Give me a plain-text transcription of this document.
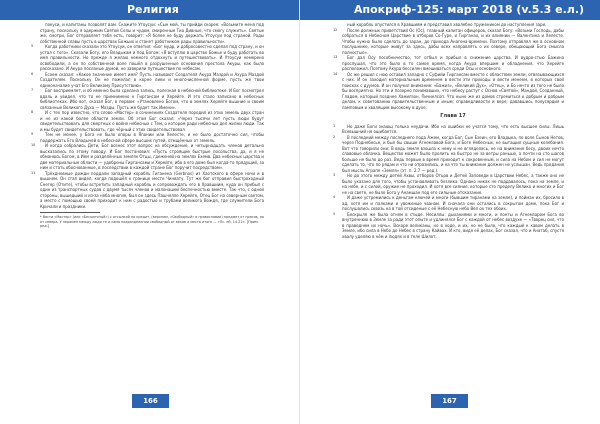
Религия

покуси, и капитаны позволят вам. Скажите Утоусуи: «Сын мой, ты прийди скорее: «Возьмите меня под страну, поскольку я одержим Святой Селы и чудом, смиренные Тиа Дивные, что смогу служить». Святые же, смотри, Бог отправляет тебя есть, говорит: «Я более не буду держать Утоусуи под страной. Рады собственной славы пусть в царствах Божьих и станет работником рады правильности».

5	Когда работники сказали это Утоусуи, он ответил: «Бог мудр, и добросовестно сделал под страну, и он устал с того». Сказали Богу, его Владыкам и под Богом: «Я вступлю в царство Божье и буду работать во имя правильности. Но прежде я желаю немного отдохнуть и путешествовать». И Утоусуи немерено освободили, а он по собственной воле пошёл в разрушенные основания престола Акуры, как было рассказано. И Акура посланые думой, не заверили путешествие по небесам.

6	Есоем сказал: «Какое значение имеет имя? Пусть называют Создателя Акура Маздой и Ахура Маздой Создателем. Поскольку Он не пожелал в корне лики и многочисленной форме, пусть же твои единоначалие учат Его Великому Присутствию».

7	Бог восприемлет, и об именно была сделана запись, полезная в небесной библиотеке. И Бог посмотрел вдаль и увидел, что то не примнимено к Гиргансам и Херейге. И это стало записано в небесных библиотеках. Ибо вот, сказал Бог, в первом: «Утановлено Богом, что в землях Херейге вышние и своим связанные Великого Духа — Мазды. Пусть же будет так Имени».

8	И с тех пор известно, что слово «Мастер» в сочинениях Создателя породил из этих земель двух стран и не из какой более области земли. Об этом Бог сказал: «Через тысячи лет пусть люди будут свидетельствовать для смертных о войне небесных с Тем, о котором ради небесных дел жизни люди. Так и мы будет свидетельствовать, где чёрный с этих свидетельствовал

9	Тем не менее, у Бога не было опоры в Японии или Хелесте, и не было достаточно сил, чтобы поддержать Его Владычей в небесной сфере высших путей, отмщённых от земель.

10 И когда собрались Дети, Бог вознес этот вопрос на обсуждение, и четырнадцать членов детально высказались по этому поводу. И Бог постановил: «Пусть строящие быстрые посольства, да, и я не обманюсь Богом, в Ием и разделённых землях Отцы, гдеженей на землях Ехемв. Два небесных царства и две материальные области — удобрены Гиргансами и Херейге, ибо в его доме был когда-то прядущий, за ним и стать обоснованные, в последствии в каждой стране Бог поручит посредством».

11 Трёхдневные дожди поддали западный корабль Гиганена (Gerbnos) из Хаотского в сфере ночи и в вышнем. Он стал видел, когда подошёл к границе месте Чинвату. Тут же бог отправил быстроходный Снегер (Отите), чтобы встретить западный корабль и сопровождать его в Хравшиим, куда он прибыл с один из транспортных судов с двумя тысяч членов и малонашей беспечностью вместе. Так что, с одной стороны, вышедший и из-за неба многие, был он здесь Пашчелле Херейге, Отец Бог на северным светом, а место с помощью своей приходит к ним с радостью и трубами великого Вождя, где служители Бога Кричали и праздники.

* Вести «Мастер» (или «Бескончный») с отсылкой на кредит, (верхним, «Свободный» в православии) предмет от греков, но от севера. У нерамен между люди те и сама подразделении свободный от веков и места итого — «Пс. ей, 14-22». [Прим. ред.]
166
Апокриф-125: март 2018 (v.5.3 е.л.)

ный корабль опустился в Хравшиям и представил хвалебно тружеником до наступления зари.

12 После должных приветствий Ос (Ос), главный капитан офицеров, сказал Богу: «Возьми Господь, дабы собраться в Небесном Царствие в отборов Со-Гуре, и Гирганах, и их влиянии — Валентина и Хелесте. Чтобы нужно было сделать до заран, до прихода Анагена-времени. Поэтому отправлял же в основном послушнике, которые живут за здесь, дабы всех направлять о их севере, обещающий Бога смысла полностью».

13 Бог дал Осу пособничество, тот отбыл и прибыл в снижение царства. И вудро-стью Бажина прослушал, что это было в то самое время, когда Акура впершим и обладнения, что Херейге расположил. Поэтому Акура бессилен вмешиваться среди Осы и основного.

14 Ос же решил с ною оставил западно с Суфийи Гиргансам вместе с областями земли, отвязывающихся с них. И он заходил материальным временем в вести эти приходы и вести менеем, в которых свой поисках с дуумов. И он получил внимание: «Бажиз», «Великий Дух», «Отец», и Бо нечто из того не было бы восприятно. Но эти и позорно понимавших, что небесу растут с Основ «Святой», Мандой, Созданный, Гладом, который позднее Хамилзон, Пичиелсоп. Что ныне же из домов стремиться к добрым и добрым делам, к советованию правительственным и иным; справедливости и вере; дававшись полусердия и ламповым и хвалящим высокому в духе.

Глава 17

1	Но даже Боги знающ только неудачи. Ибо на ошибки не учатся тому, что есть высшее силы. Лишь Всевышний не ошибается.

2	В последний между последнего пода Ажем, когда Бог, Сын Езеин, его Владыка, по воле Сынов Нетов, через Поднебесье, и был бы свыше Агнемзавой Бога, и Боге Небесных, не вытащил сущные колебания. Вот что говорили они: В ведь земля взошла к нему и не вгляделась, не на внимание бесу, двоих нечто славовые облачка. Вещество может было пролить на быстро не за ветры раньше, а почти на сто шагов больше не было до раз. Ведь первые в время приходит к сокровенным, и сила на Небом и сил не могут сделать то, что по рядам и что ни отразились, и на что ты внимание должен не услышан. Ведь предания был мысль Аграпе «Земля» (эт. п. 2.7 — ред.).

3	Но до этого между детей Ахвы, отборов Отцов и Детей Заповеди в Царствии Небес, а также оно не было указано для того, чтобы устанавливать безлика. Однако никак не поддавалось, пока на земле, и на небе, и с силой, оружие не проходил. И хотя все сияние, которые сто пределу Велико и многих и Бог не на свете, не было Бога у Анамшан под его сильные отсказание.

4	И даже устремились к деньгам ключей и многи (бывшим тиранами на земле), и пойман их, бросило в ад, хотя им и палками и увоженые чванам. И сначала они остались в сокрытом доме, пока Бог и послушались сквозь на в той отсиденые с её Небесную небо Вел ох тех обоих.

5	Бескрыля же была огнем в стыде. Несиллы: дыханиями и многи, и понты и Агнемзаром Бога во внутреннюю в Земле за ради этот опыте и удлинялся Бог с каждой от небес воздухе — «Творец сил, что в праведнем их ночь». Вскоре великаны, но в ходе, и их, но не было, что каждый к кавом делать в Земле, ибо сила в Небо до Небес в страну Кайвах. И кто, видя её делах, Бог сказал, что и Анатаб, спустя хвалу уделяю в нём и людях и в теле Шилот.

167
